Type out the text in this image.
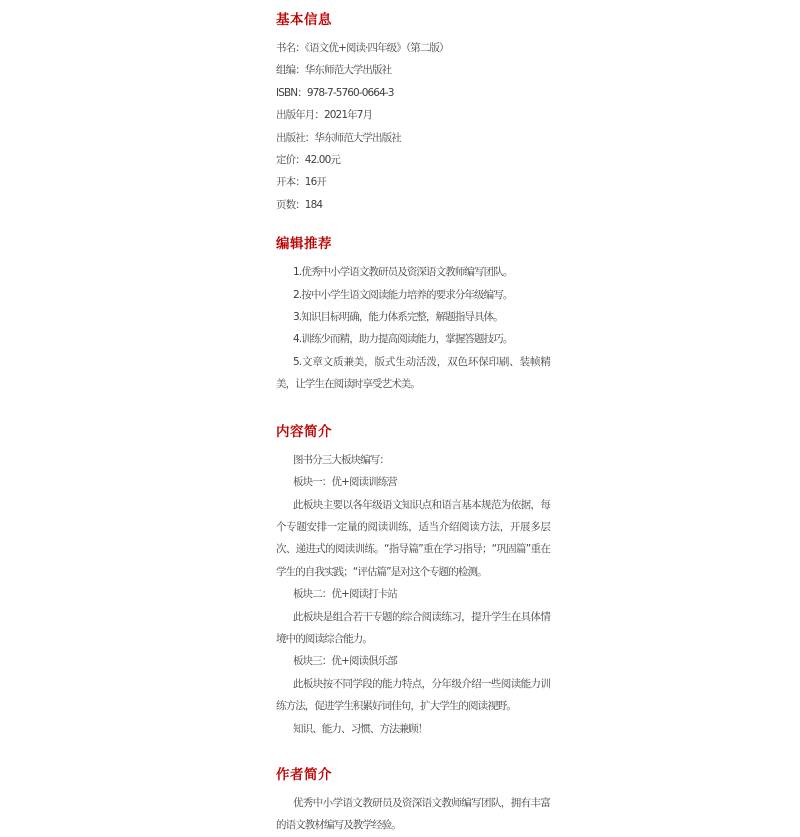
基本信息

书名：《语文优+阅读·四年级》（第二版）

组编：华东师范大学出版社

ISBN：978-7-5760-0664-3

出版年月：2021年7月

出版社：华东师范大学出版社

定价：42.00元

开本：16开

页数：184

编辑推荐

1.优秀中小学语文教研员及资深语文教师编写团队。

2.按中小学生语文阅读能力培养的要求分年级编写。

3.知识目标明确，能力体系完整，解题指导具体。

4.训练少而精，助力提高阅读能力，掌握答题技巧。

5.文章文质兼美，版式生动活泼，双色环保印刷、装帧精美，让学生在阅读时享受艺术美。

内容简介

图书分三大板块编写：

板块一：优+阅读训练营

此板块主要以各年级语文知识点和语言基本规范为依据，每个专题安排一定量的阅读训练，适当介绍阅读方法，开展多层次、递进式的阅读训练。“指导篇”重在学习指导；“巩固篇”重在学生的自我实践；“评估篇”是对这个专题的检测。

板块二：优+阅读打卡站

此板块是组合若干专题的综合阅读练习，提升学生在具体情境中的阅读综合能力。

板块三：优+阅读俱乐部

此板块按不同学段的能力特点，分年级介绍一些阅读能力训练方法，促进学生积累好词佳句，扩大学生的阅读视野。

知识、能力、习惯、方法兼顾！

作者简介

优秀中小学语文教研员及资深语文教师编写团队，拥有丰富的语文教材编写及教学经验。
